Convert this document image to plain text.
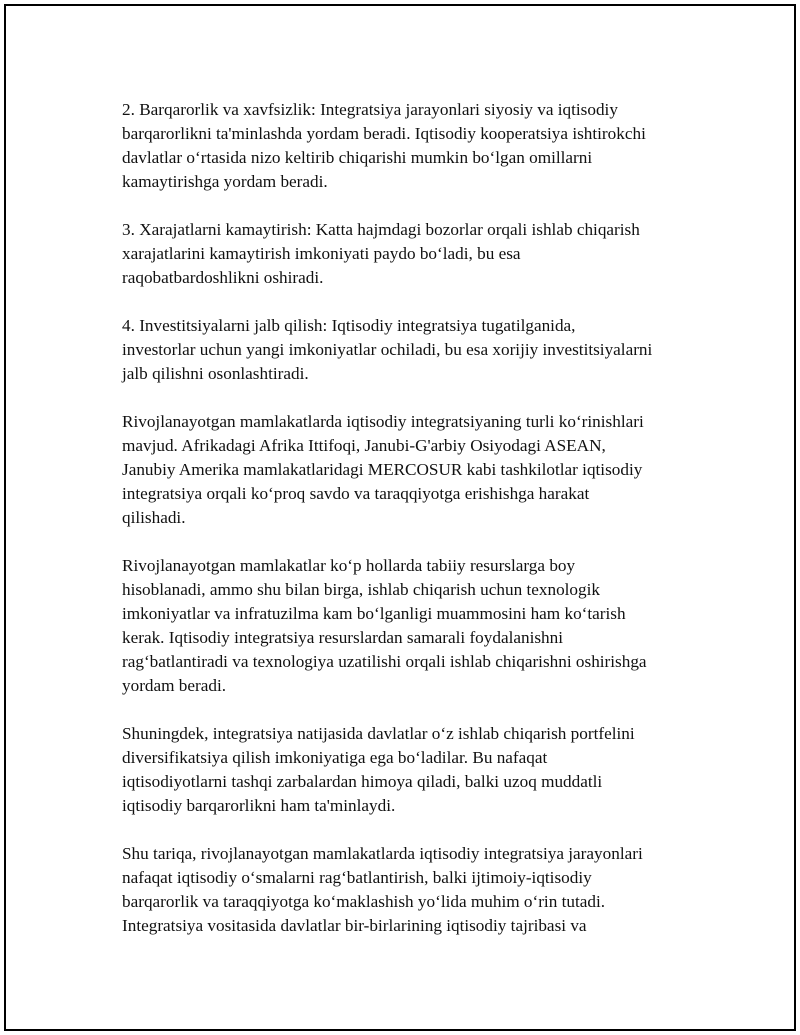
2. Barqarorlik va xavfsizlik: Integratsiya jarayonlari siyosiy va iqtisodiy
barqarorlikni ta'minlashda yordam beradi. Iqtisodiy kooperatsiya ishtirokchi
davlatlar o‘rtasida nizo keltirib chiqarishi mumkin bo‘lgan omillarni
kamaytirishga yordam beradi.

3. Xarajatlarni kamaytirish: Katta hajmdagi bozorlar orqali ishlab chiqarish
xarajatlarini kamaytirish imkoniyati paydo bo‘ladi, bu esa
raqobatbardoshlikni oshiradi.

4. Investitsiyalarni jalb qilish: Iqtisodiy integratsiya tugatilganida,
investorlar uchun yangi imkoniyatlar ochiladi, bu esa xorijiy investitsiyalarni
jalb qilishni osonlashtiradi.

Rivojlanayotgan mamlakatlarda iqtisodiy integratsiyaning turli ko‘rinishlari
mavjud. Afrikadagi Afrika Ittifoqi, Janubi-G'arbiy Osiyodagi ASEAN,
Janubiy Amerika mamlakatlaridagi MERCOSUR kabi tashkilotlar iqtisodiy
integratsiya orqali ko‘proq savdo va taraqqiyotga erishishga harakat
qilishadi.

Rivojlanayotgan mamlakatlar ko‘p hollarda tabiiy resurslarga boy
hisoblanadi, ammo shu bilan birga, ishlab chiqarish uchun texnologik
imkoniyatlar va infratuzilma kam bo‘lganligi muammosini ham ko‘tarish
kerak. Iqtisodiy integratsiya resurslardan samarali foydalanishni
rag‘batlantiradi va texnologiya uzatilishi orqali ishlab chiqarishni oshirishga
yordam beradi.

Shuningdek, integratsiya natijasida davlatlar o‘z ishlab chiqarish portfelini
diversifikatsiya qilish imkoniyatiga ega bo‘ladilar. Bu nafaqat
iqtisodiyotlarni tashqi zarbalardan himoya qiladi, balki uzoq muddatli
iqtisodiy barqarorlikni ham ta'minlaydi.

Shu tariqa, rivojlanayotgan mamlakatlarda iqtisodiy integratsiya jarayonlari
nafaqat iqtisodiy o‘smalarni rag‘batlantirish, balki ijtimoiy-iqtisodiy
barqarorlik va taraqqiyotga ko‘maklashish yo‘lida muhim o‘rin tutadi.
Integratsiya vositasida davlatlar bir-birlarining iqtisodiy tajribasi va
